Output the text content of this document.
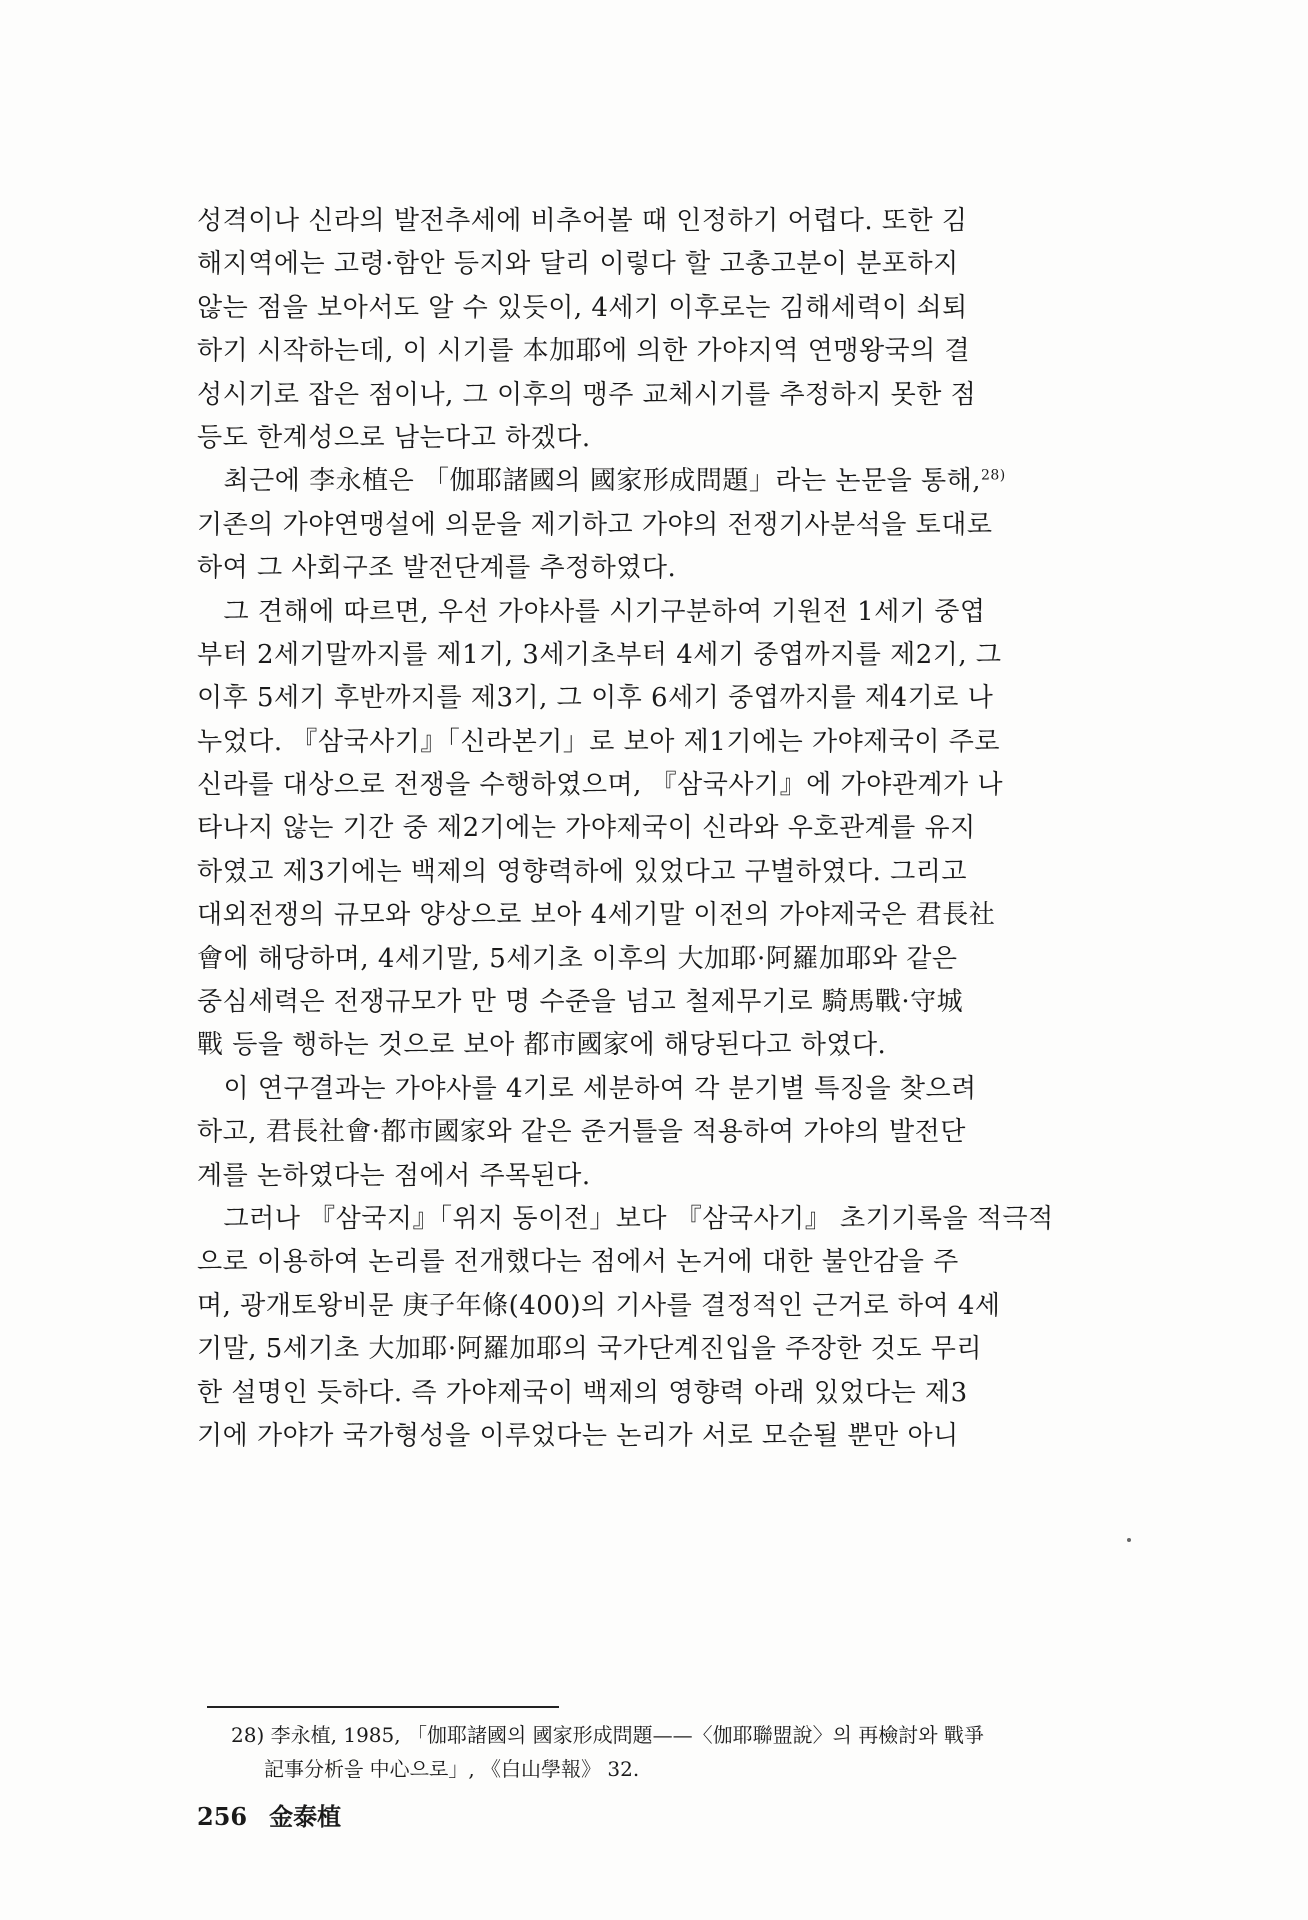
성격이나 신라의 발전추세에 비추어볼 때 인정하기 어렵다. 또한 김
해지역에는 고령·함안 등지와 달리 이렇다 할 고총고분이 분포하지
않는 점을 보아서도 알 수 있듯이, 4세기 이후로는 김해세력이 쇠퇴
하기 시작하는데, 이 시기를 本加耶에 의한 가야지역 연맹왕국의 결
성시기로 잡은 점이나, 그 이후의 맹주 교체시기를 추정하지 못한 점
등도 한계성으로 남는다고 하겠다.
　최근에 李永植은 「伽耶諸國의 國家形成問題」라는 논문을 통해,$^{28)}$
기존의 가야연맹설에 의문을 제기하고 가야의 전쟁기사분석을 토대로
하여 그 사회구조 발전단계를 추정하였다.
　그 견해에 따르면, 우선 가야사를 시기구분하여 기원전 1세기 중엽
부터 2세기말까지를 제1기, 3세기초부터 4세기 중엽까지를 제2기, 그
이후 5세기 후반까지를 제3기, 그 이후 6세기 중엽까지를 제4기로 나
누었다. 『삼국사기』「신라본기」로 보아 제1기에는 가야제국이 주로
신라를 대상으로 전쟁을 수행하였으며, 『삼국사기』에 가야관계가 나
타나지 않는 기간 중 제2기에는 가야제국이 신라와 우호관계를 유지
하였고 제3기에는 백제의 영향력하에 있었다고 구별하였다. 그리고
대외전쟁의 규모와 양상으로 보아 4세기말 이전의 가야제국은 君長社
會에 해당하며, 4세기말, 5세기초 이후의 大加耶·阿羅加耶와 같은
중심세력은 전쟁규모가 만 명 수준을 넘고 철제무기로 騎馬戰·守城
戰 등을 행하는 것으로 보아 都市國家에 해당된다고 하였다.
　이 연구결과는 가야사를 4기로 세분하여 각 분기별 특징을 찾으려
하고, 君長社會·都市國家와 같은 준거틀을 적용하여 가야의 발전단
계를 논하였다는 점에서 주목된다.
　그러나 『삼국지』「위지 동이전」보다 『삼국사기』 초기기록을 적극적
으로 이용하여 논리를 전개했다는 점에서 논거에 대한 불안감을 주
며, 광개토왕비문 庚子年條(400)의 기사를 결정적인 근거로 하여 4세
기말, 5세기초 大加耶·阿羅加耶의 국가단계진입을 주장한 것도 무리
한 설명인 듯하다. 즉 가야제국이 백제의 영향력 아래 있었다는 제3
기에 가야가 국가형성을 이루었다는 논리가 서로 모순될 뿐만 아니
28) 李永植, 1985, 「伽耶諸國의 國家形成問題——〈伽耶聯盟說〉의 再檢討와 戰爭
記事分析을 中心으로」, 《白山學報》 32.
256 金泰植
